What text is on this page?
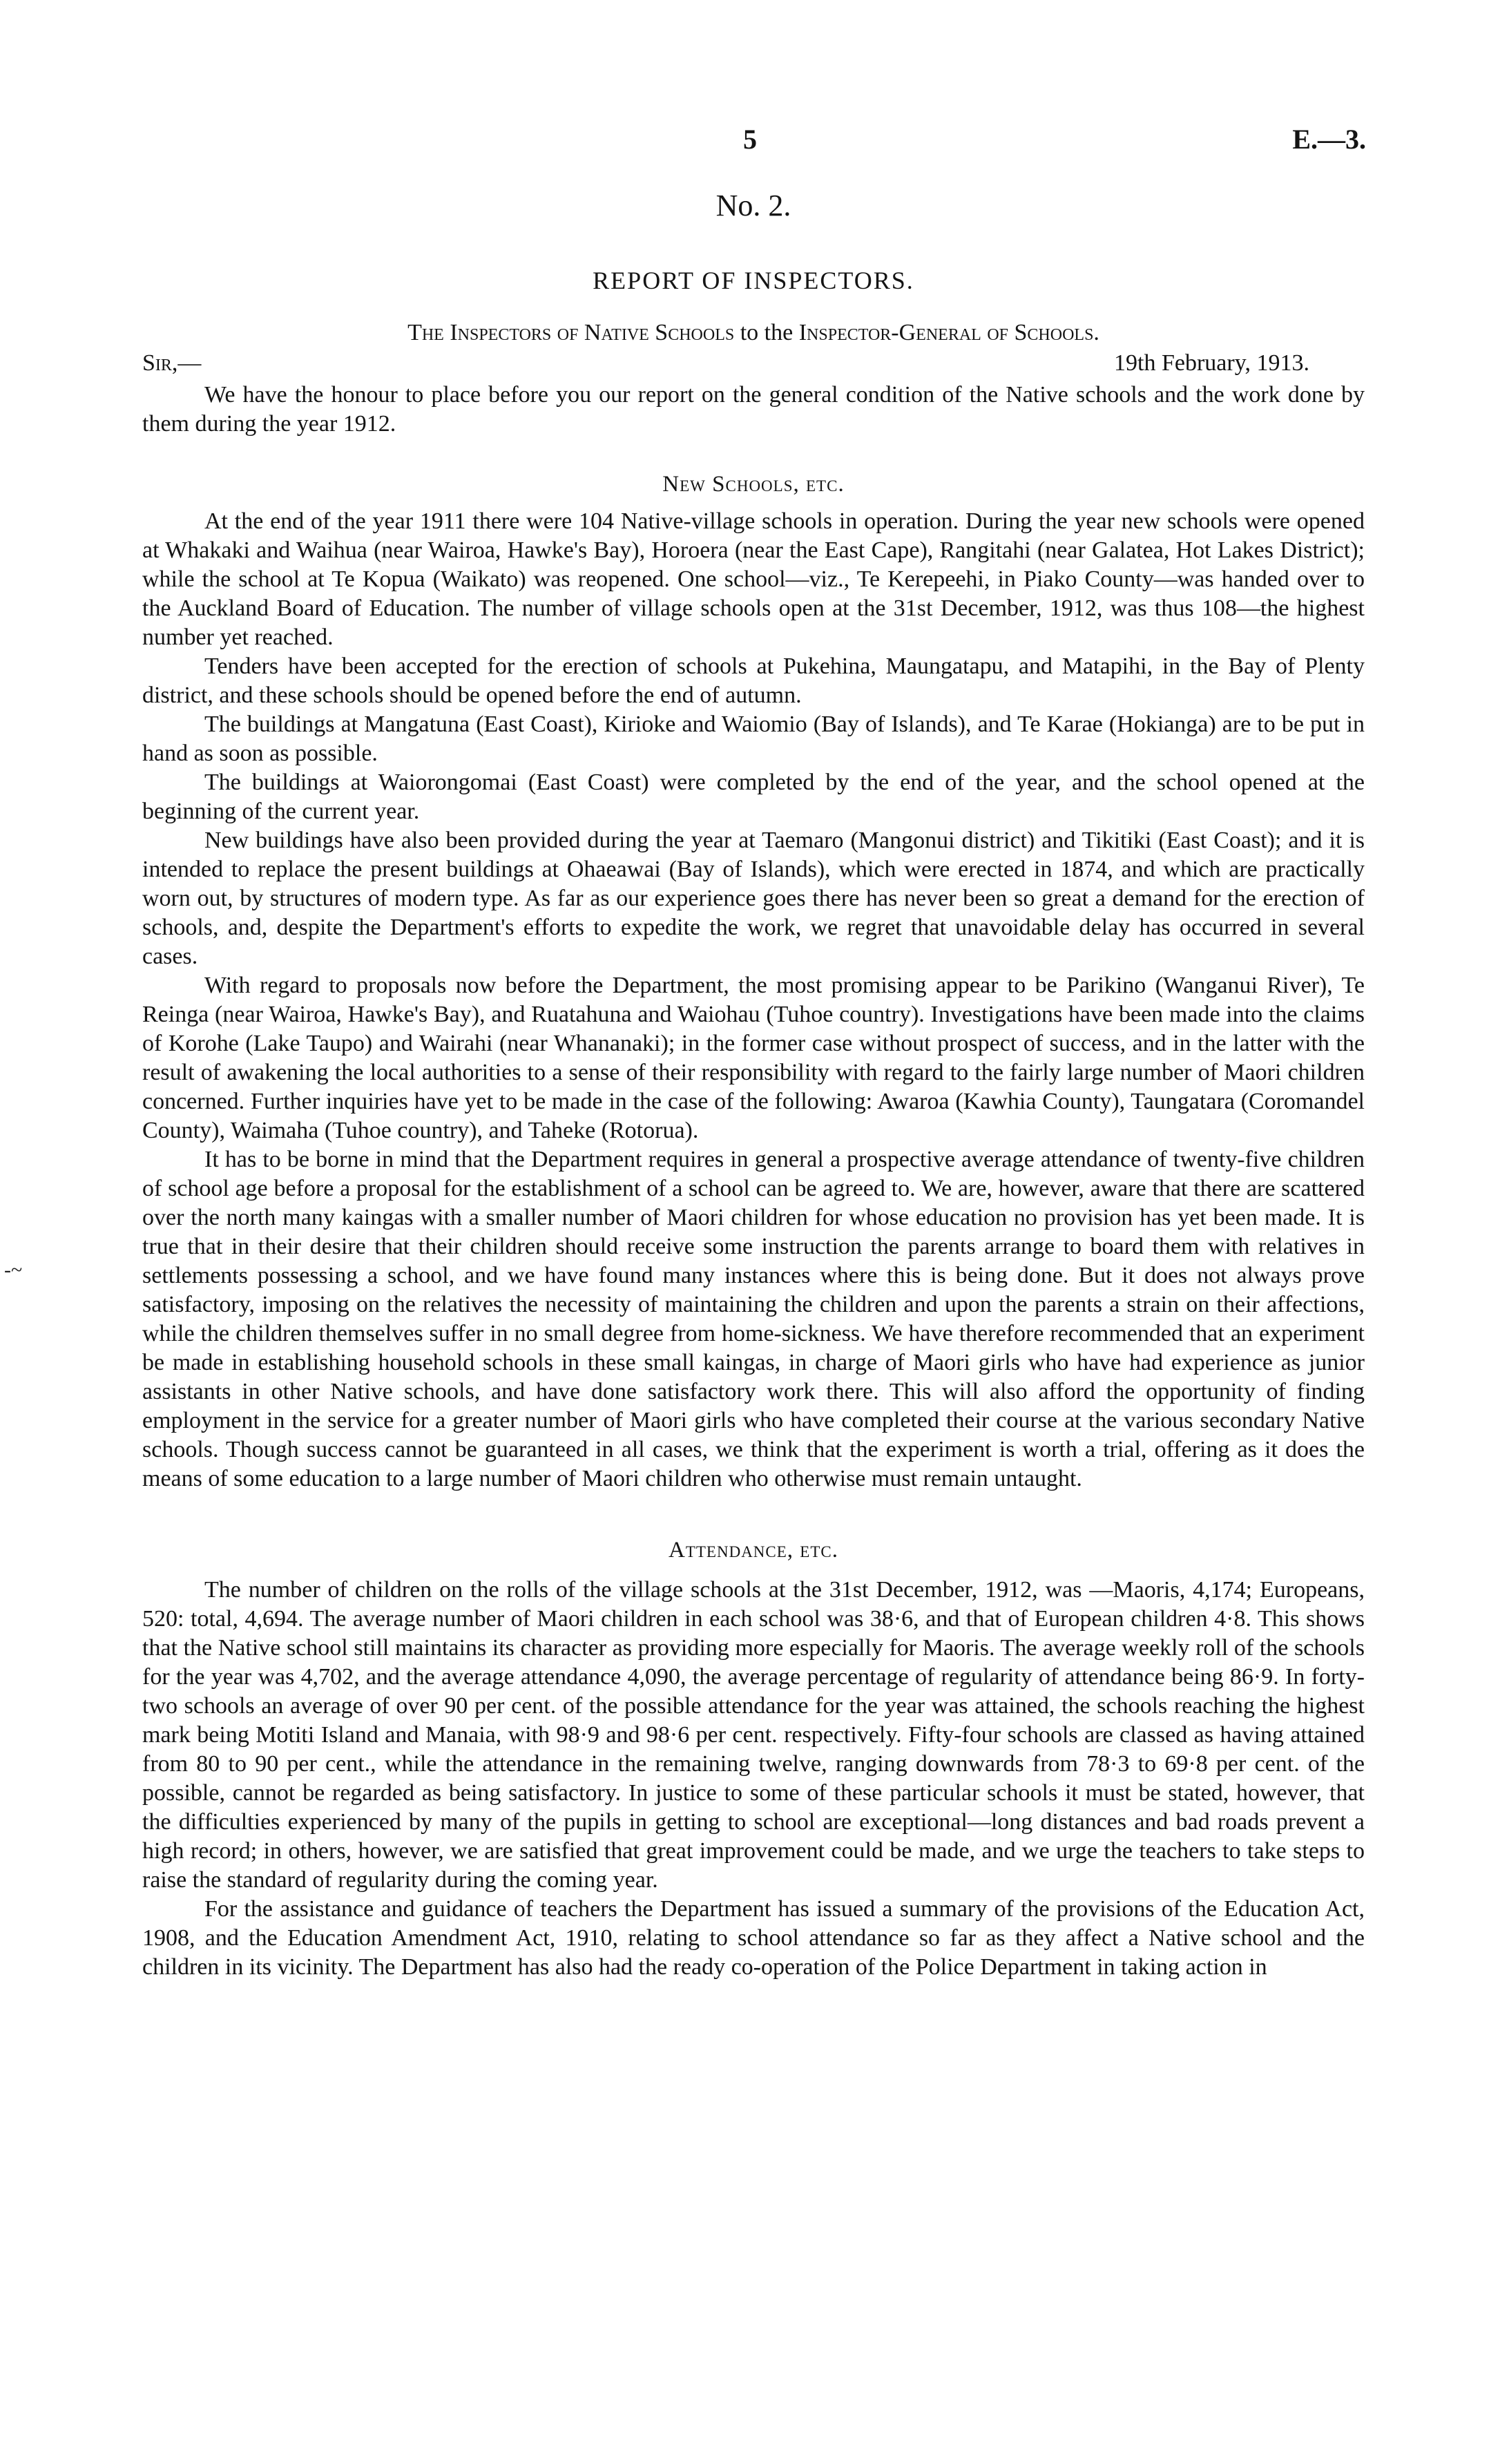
-~
5	E.—3.
No. 2.
REPORT OF INSPECTORS.
The Inspectors of Native Schools to the Inspector-General of Schools.
Sir,—	19th February, 1913.

We have the honour to place before you our report on the general condition of the Native schools and the work done by them during the year 1912.

New Schools, etc.

At the end of the year 1911 there were 104 Native-village schools in operation. During the year new schools were opened at Whakaki and Waihua (near Wairoa, Hawke's Bay), Horoera (near the East Cape), Rangitahi (near Galatea, Hot Lakes District); while the school at Te Kopua (Waikato) was reopened. One school—viz., Te Kerepeehi, in Piako County—was handed over to the Auckland Board of Education. The number of village schools open at the 31st December, 1912, was thus 108—the highest number yet reached.

Tenders have been accepted for the erection of schools at Pukehina, Maungatapu, and Matapihi, in the Bay of Plenty district, and these schools should be opened before the end of autumn.

The buildings at Mangatuna (East Coast), Kirioke and Waiomio (Bay of Islands), and Te Karae (Hokianga) are to be put in hand as soon as possible.

The buildings at Waiorongomai (East Coast) were completed by the end of the year, and the school opened at the beginning of the current year.

New buildings have also been provided during the year at Taemaro (Mangonui district) and Tikitiki (East Coast); and it is intended to replace the present buildings at Ohaeawai (Bay of Islands), which were erected in 1874, and which are practically worn out, by structures of modern type. As far as our experience goes there has never been so great a demand for the erection of schools, and, despite the Department's efforts to expedite the work, we regret that unavoidable delay has occurred in several cases.

With regard to proposals now before the Department, the most promising appear to be Parikino (Wanganui River), Te Reinga (near Wairoa, Hawke's Bay), and Ruatahuna and Waiohau (Tuhoe country). Investigations have been made into the claims of Korohe (Lake Taupo) and Wairahi (near Whananaki); in the former case without prospect of success, and in the latter with the result of awakening the local authorities to a sense of their responsibility with regard to the fairly large number of Maori children concerned. Further inquiries have yet to be made in the case of the following: Awaroa (Kawhia County), Taungatara (Coromandel County), Waimaha (Tuhoe country), and Taheke (Rotorua).

It has to be borne in mind that the Department requires in general a prospective average attendance of twenty-five children of school age before a proposal for the establishment of a school can be agreed to. We are, however, aware that there are scattered over the north many kaingas with a smaller number of Maori children for whose education no provision has yet been made. It is true that in their desire that their children should receive some instruction the parents arrange to board them with relatives in settlements possessing a school, and we have found many instances where this is being done. But it does not always prove satisfactory, imposing on the relatives the necessity of maintaining the children and upon the parents a strain on their affections, while the children themselves suffer in no small degree from home-sickness. We have therefore recommended that an experiment be made in establishing household schools in these small kaingas, in charge of Maori girls who have had experience as junior assistants in other Native schools, and have done satisfactory work there. This will also afford the opportunity of finding employment in the service for a greater number of Maori girls who have completed their course at the various secondary Native schools. Though success cannot be guaranteed in all cases, we think that the experiment is worth a trial, offering as it does the means of some education to a large number of Maori children who otherwise must remain untaught.

Attendance, etc.

The number of children on the rolls of the village schools at the 31st December, 1912, was —Maoris, 4,174; Europeans, 520: total, 4,694. The average number of Maori children in each school was 38·6, and that of European children 4·8. This shows that the Native school still maintains its character as providing more especially for Maoris. The average weekly roll of the schools for the year was 4,702, and the average attendance 4,090, the average percentage of regularity of attendance being 86·9. In forty-two schools an average of over 90 per cent. of the possible attendance for the year was attained, the schools reaching the highest mark being Motiti Island and Manaia, with 98·9 and 98·6 per cent. respectively. Fifty-four schools are classed as having attained from 80 to 90 per cent., while the attendance in the remaining twelve, ranging downwards from 78·3 to 69·8 per cent. of the possible, cannot be regarded as being satisfactory. In justice to some of these particular schools it must be stated, however, that the difficulties experienced by many of the pupils in getting to school are exceptional—long distances and bad roads prevent a high record; in others, however, we are satisfied that great improvement could be made, and we urge the teachers to take steps to raise the standard of regularity during the coming year.

For the assistance and guidance of teachers the Department has issued a summary of the provisions of the Education Act, 1908, and the Education Amendment Act, 1910, relating to school attendance so far as they affect a Native school and the children in its vicinity. The Department has also had the ready co-operation of the Police Department in taking action in
